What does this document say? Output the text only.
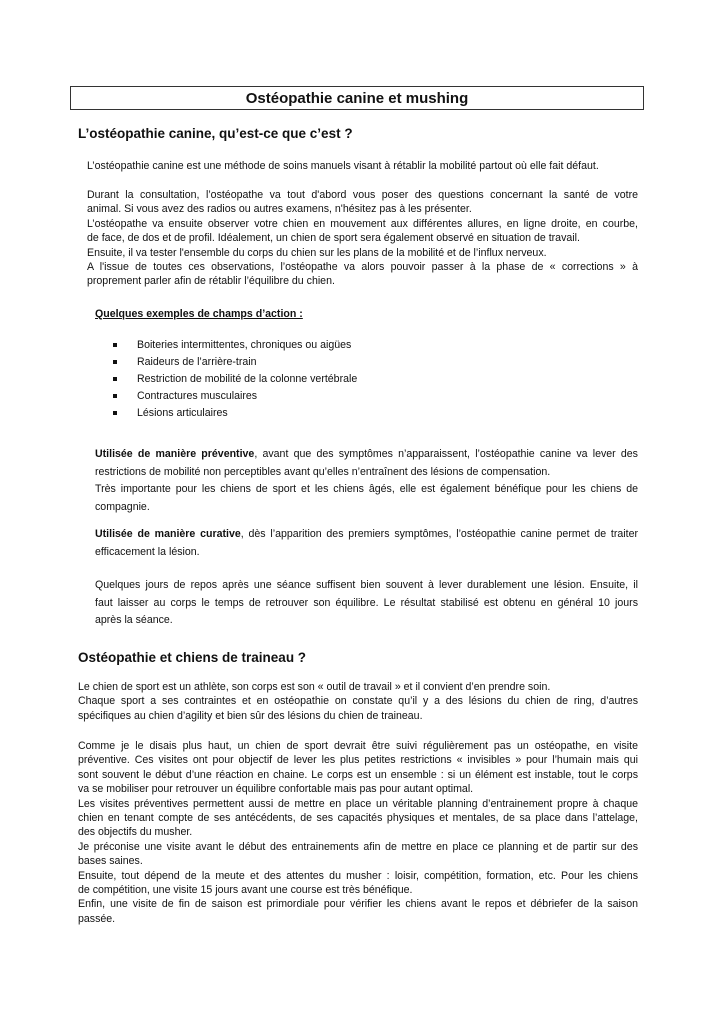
Ostéopathie canine et mushing
L’ostéopathie canine, qu’est-ce que c’est ?
L’ostéopathie canine est une méthode de soins manuels visant à rétablir la mobilité partout où elle fait défaut.
Durant la consultation, l’ostéopathe va tout d'abord vous poser des questions concernant la santé de votre
animal. Si vous avez des radios ou autres examens, n'hésitez pas à les présenter.
L’ostéopathe va ensuite observer votre chien en mouvement aux différentes allures, en ligne droite, en courbe,
de face, de dos et de profil. Idéalement, un chien de sport sera également observé en situation de travail.
Ensuite, il va tester l'ensemble du corps du chien sur les plans de la mobilité et de l’influx nerveux.
A l'issue de toutes ces observations, l’ostéopathe va alors pouvoir passer à la phase de « corrections » à
proprement parler afin de rétablir l’équilibre du chien.
Quelques exemples de champs d’action :
Boiteries intermittentes, chroniques ou aigües
Raideurs de l’arrière-train
Restriction de mobilité de la colonne vertébrale
Contractures musculaires
Lésions articulaires
Utilisée de manière préventive, avant que des symptômes n’apparaissent, l’ostéopathie canine va lever des
restrictions de mobilité non perceptibles avant qu’elles n’entraînent des lésions de compensation.
Très importante pour les chiens de sport et les chiens âgés, elle est également bénéfique pour les chiens de
compagnie.
Utilisée de manière curative, dès l’apparition des premiers symptômes, l’ostéopathie canine permet de traiter
efficacement la lésion.
Quelques jours de repos après une séance suffisent bien souvent à lever durablement une lésion. Ensuite, il
faut laisser au corps le temps de retrouver son équilibre. Le résultat stabilisé est obtenu en général 10 jours
après la séance.
Ostéopathie et chiens de traineau ?
Le chien de sport est un athlète, son corps est son « outil de travail » et il convient d’en prendre soin.
Chaque sport a ses contraintes et en ostéopathie on constate qu’il y a des lésions du chien de ring, d’autres
spécifiques au chien d’agility et bien sûr des lésions du chien de traineau.
Comme je le disais plus haut, un chien de sport devrait être suivi régulièrement pas un ostéopathe, en visite
préventive. Ces visites ont pour objectif de lever les plus petites restrictions « invisibles » pour l’humain mais qui
sont souvent le début d’une réaction en chaine. Le corps est un ensemble : si un élément est instable, tout le corps
va se mobiliser pour retrouver un équilibre confortable mais pas pour autant optimal.
Les visites préventives permettent aussi de mettre en place un véritable planning d’entrainement propre à chaque
chien en tenant compte de ses antécédents, de ses capacités physiques et mentales, de sa place dans l’attelage,
des objectifs du musher.
Je préconise une visite avant le début des entrainements afin de mettre en place ce planning et de partir sur des
bases saines.
Ensuite, tout dépend de la meute et des attentes du musher : loisir, compétition, formation, etc. Pour les chiens
de compétition, une visite 15 jours avant une course est très bénéfique.
Enfin, une visite de fin de saison est primordiale pour vérifier les chiens avant le repos et débriefer de la saison
passée.
